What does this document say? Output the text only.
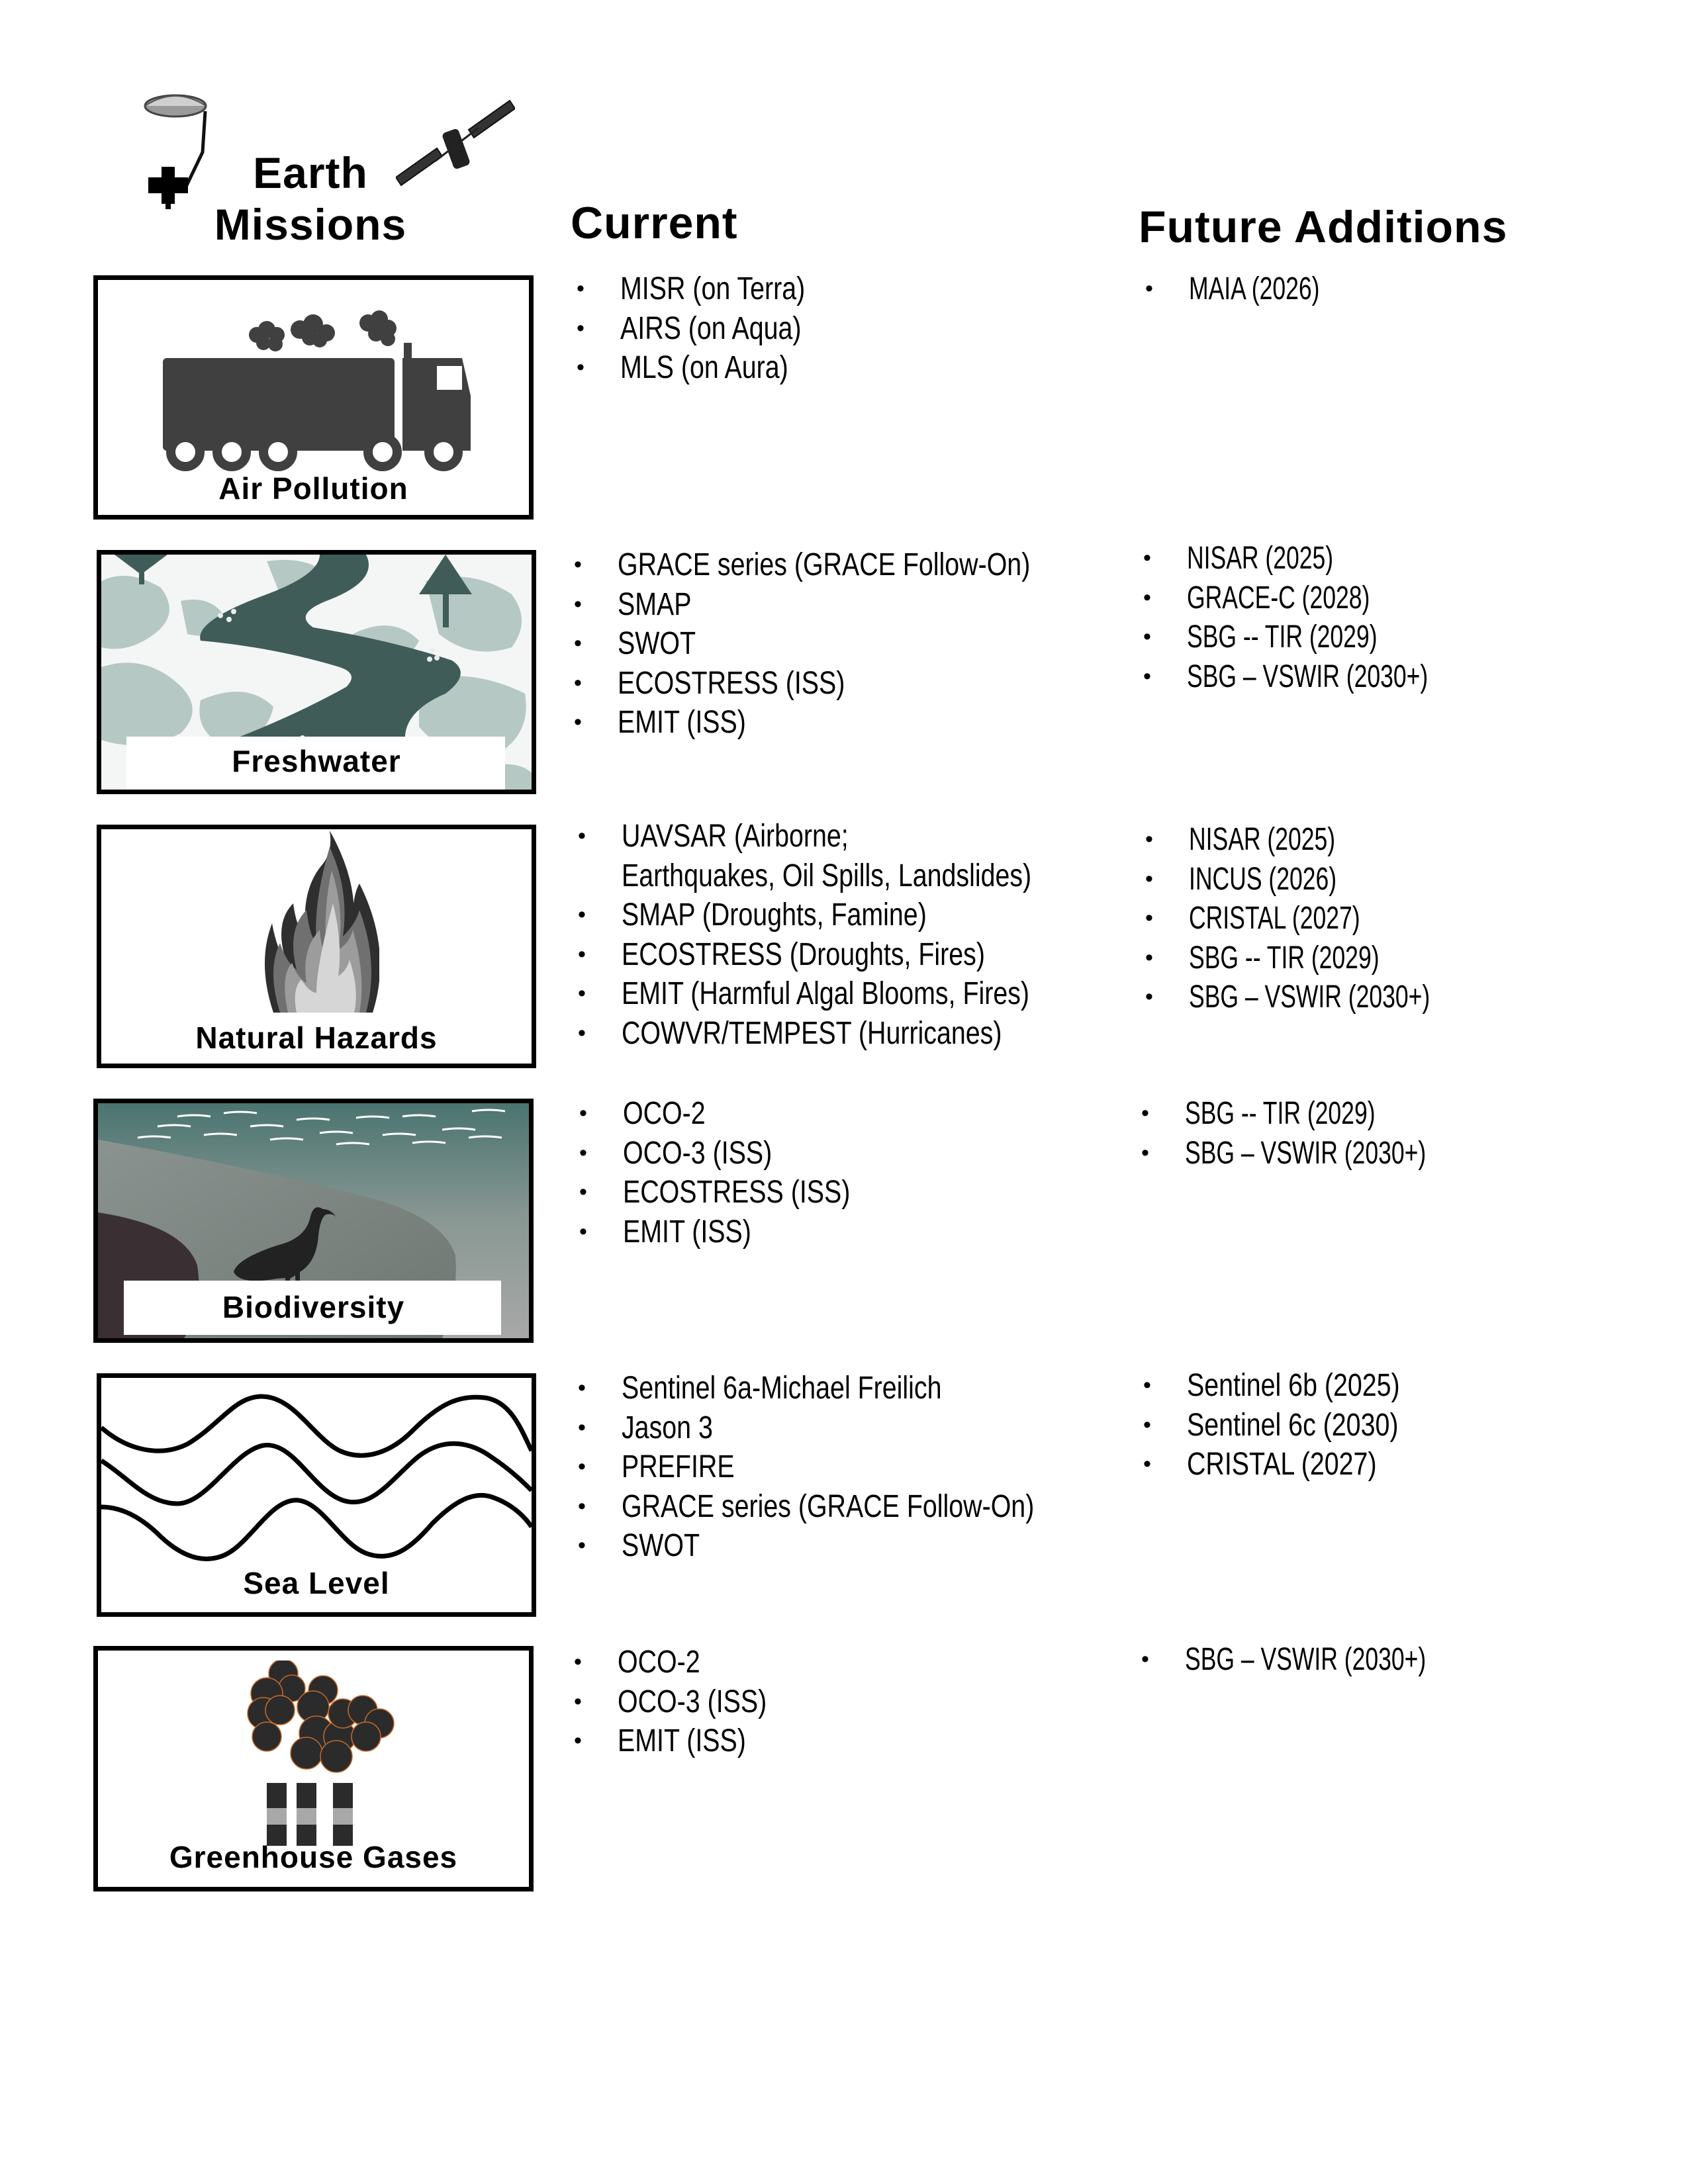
Earth
Missions	Current	Future Additions
Air Pollution
• MISR (on Terra)
• AIRS (on Aqua)
• MLS (on Aura)
• MAIA (2026)
Freshwater
• GRACE series (GRACE Follow-On)
• SMAP
• SWOT
• ECOSTRESS (ISS)
• EMIT (ISS)
• NISAR (2025)
• GRACE-C (2028)
• SBG -- TIR (2029)
• SBG – VSWIR (2030+)
Natural Hazards
• UAVSAR (Airborne;
Earthquakes, Oil Spills, Landslides)
• SMAP (Droughts, Famine)
• ECOSTRESS (Droughts, Fires)
• EMIT (Harmful Algal Blooms, Fires)
• COWVR/TEMPEST (Hurricanes)
• NISAR (2025)
• INCUS (2026)
• CRISTAL (2027)
• SBG -- TIR (2029)
• SBG – VSWIR (2030+)
Biodiversity
• OCO-2
• OCO-3 (ISS)
• ECOSTRESS (ISS)
• EMIT (ISS)
• SBG -- TIR (2029)
• SBG – VSWIR (2030+)
Sea Level
• Sentinel 6a-Michael Freilich
• Jason 3
• PREFIRE
• GRACE series (GRACE Follow-On)
• SWOT
• Sentinel 6b (2025)
• Sentinel 6c (2030)
• CRISTAL (2027)
Greenhouse Gases
• OCO-2
• OCO-3 (ISS)
• EMIT (ISS)
• SBG – VSWIR (2030+)
